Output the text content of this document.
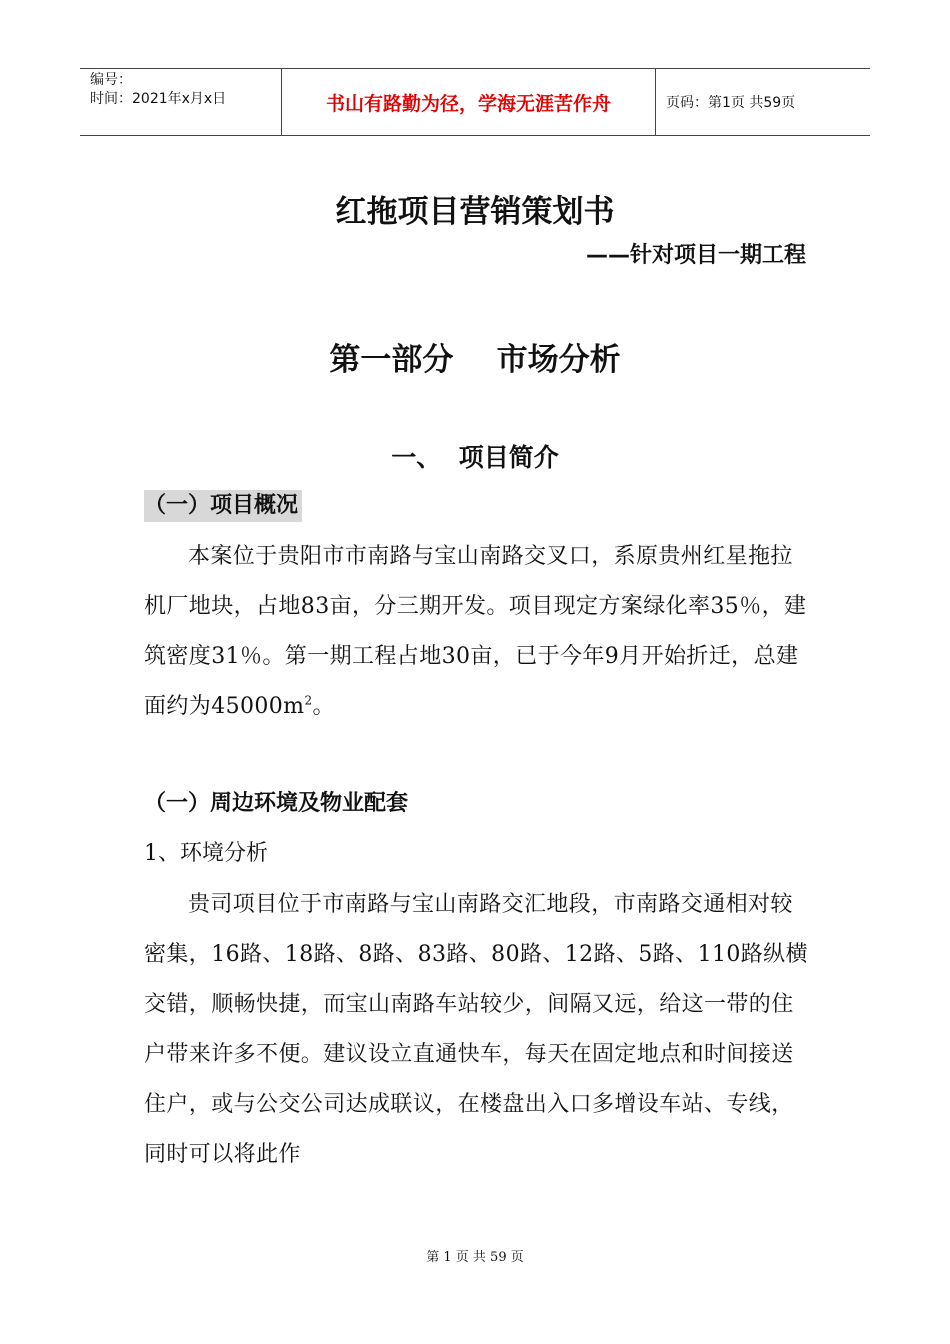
编号：
时间：2021年x月x日	书山有路勤为径，学海无涯苦作舟	页码：第1页 共59页
红拖项目营销策划书
——针对项目一期工程
第一部分    市场分析
一、  项目简介
（一）项目概况
本案位于贵阳市市南路与宝山南路交叉口，系原贵州红星拖拉机厂地块，占地83亩，分三期开发。项目现定方案绿化率35％，建筑密度31％。第一期工程占地30亩，已于今年9月开始折迁，总建面约为$45000m^2$。
（一）周边环境及物业配套
1、环境分析
贵司项目位于市南路与宝山南路交汇地段，市南路交通相对较密集，16路、18路、8路、83路、80路、12路、5路、110路纵横交错，顺畅快捷，而宝山南路车站较少，间隔又远，给这一带的住户带来许多不便。建议设立直通快车，每天在固定地点和时间接送住户，或与公交公司达成联议，在楼盘出入口多增设车站、专线，同时可以将此作
第 1 页 共 59 页
